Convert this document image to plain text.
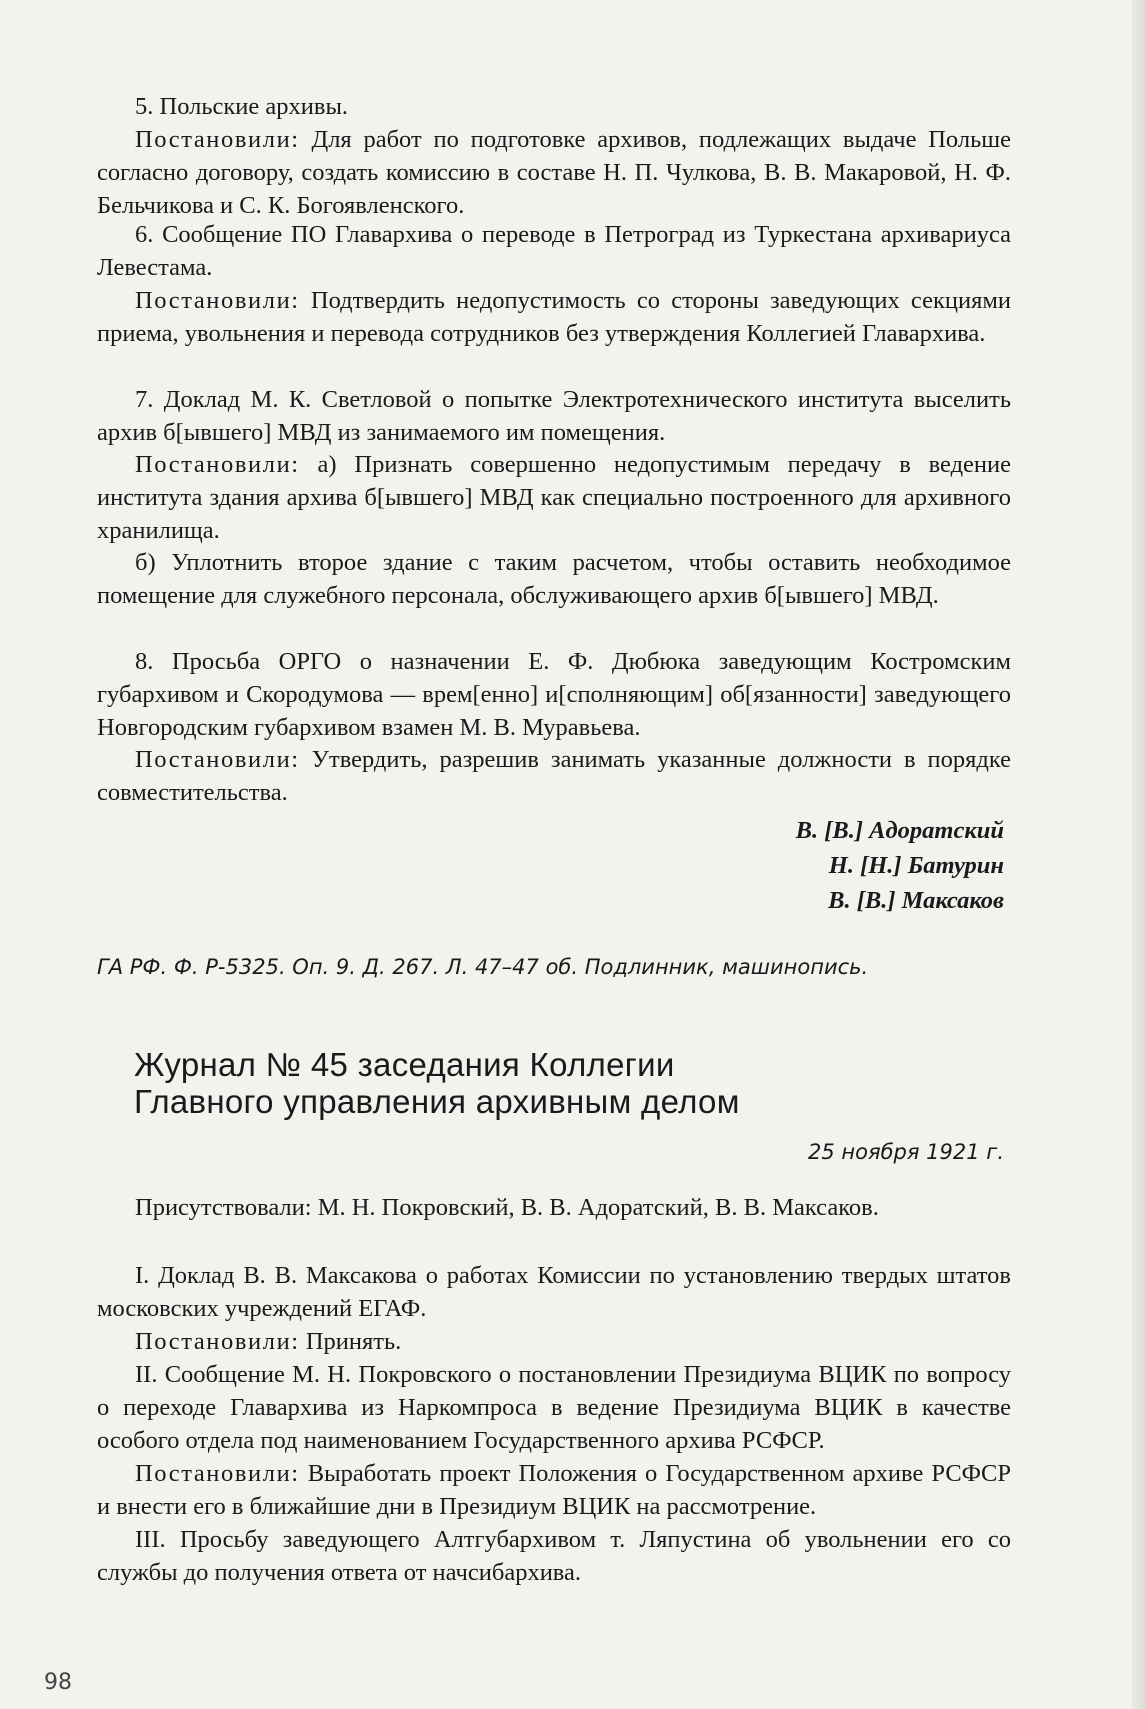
5. Польские архивы.

Постановили: Для работ по подготовке архивов, подлежащих выдаче Польше согласно договору, создать комиссию в составе Н. П. Чулкова, В. В. Макаровой, Н. Ф. Бельчикова и С. К. Богоявленского.

6. Сообщение ПО Главархива о переводе в Петроград из Туркестана архивариуса Левестама.

Постановили: Подтвердить недопустимость со стороны заведующих секциями приема, увольнения и перевода сотрудников без утверждения Коллегией Главархива.

7. Доклад М. К. Светловой о попытке Электротехнического института выселить архив б[ывшего] МВД из занимаемого им помещения.

Постановили: а) Признать совершенно недопустимым передачу в ведение института здания архива б[ывшего] МВД как специально построенного для архивного хранилища.

б) Уплотнить второе здание с таким расчетом, чтобы оставить необходимое помещение для служебного персонала, обслуживающего архив б[ывшего] МВД.

8. Просьба ОРГО о назначении Е. Ф. Дюбюка заведующим Костромским губархивом и Скородумова — врем[енно] и[сполняющим] об[язанности] заведующего Новгородским губархивом взамен М. В. Муравьева.

Постановили: Утвердить, разрешив занимать указанные должности в порядке совместительства.

В. [В.] Адоратский
Н. [Н.] Батурин
В. [В.] Максаков
ГА РФ. Ф. Р-5325. Оп. 9. Д. 267. Л. 47–47 об. Подлинник, машинопись.
Журнал № 45 заседания Коллегии
Главного управления архивным делом
25 ноября 1921 г.

Присутствовали: М. Н. Покровский, В. В. Адоратский, В. В. Максаков.

I. Доклад В. В. Максакова о работах Комиссии по установлению твердых штатов московских учреждений ЕГАФ.

Постановили: Принять.

II. Сообщение М. Н. Покровского о постановлении Президиума ВЦИК по вопросу о переходе Главархива из Наркомпроса в ведение Президиума ВЦИК в качестве особого отдела под наименованием Государственного архива РСФСР.

Постановили: Выработать проект Положения о Государственном архиве РСФСР и внести его в ближайшие дни в Президиум ВЦИК на рассмотрение.

III. Просьбу заведующего Алтгубархивом т. Ляпустина об увольнении его со службы до получения ответа от начсибархива.

98
